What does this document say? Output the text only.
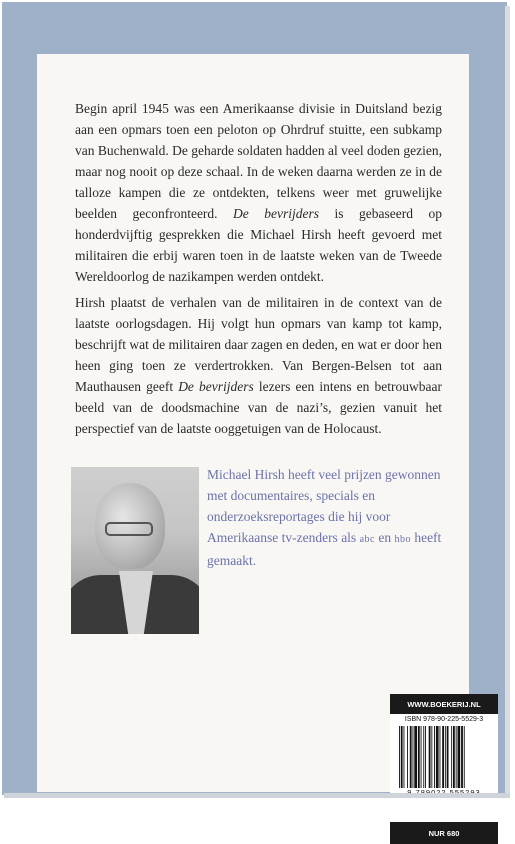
Begin april 1945 was een Amerikaanse divisie in Duitsland bezig aan een opmars toen een peloton op Ohrdruf stuitte, een subkamp van Buchenwald. De geharde soldaten hadden al veel doden gezien, maar nog nooit op deze schaal. In de weken daarna werden ze in de talloze kampen die ze ontdekten, telkens weer met gruwelijke beelden geconfronteerd. De bevrijders is gebaseerd op honderdvijftig gesprekken die Michael Hirsh heeft gevoerd met militairen die erbij waren toen in de laatste weken van de Tweede Wereldoorlog de nazikampen werden ontdekt.

Hirsh plaatst de verhalen van de militairen in de context van de laatste oorlogsdagen. Hij volgt hun opmars van kamp tot kamp, beschrijft wat de militairen daar zagen en deden, en wat er door hen heen ging toen ze verdertrokken. Van Bergen-Belsen tot aan Mauthausen geeft De bevrijders lezers een intens en betrouwbaar beeld van de doodsmachine van de nazi’s, gezien vanuit het perspectief van de laatste ooggetuigen van de Holocaust.

Michael Hirsh heeft veel prijzen gewonnen met documentaires, specials en onderzoeksreportages die hij voor Amerikaanse tv-zenders als abc en hbo heeft gemaakt.

WWW.BOEKERIJ.NL
ISBN 978-90-225-5529-3
NUR 680
